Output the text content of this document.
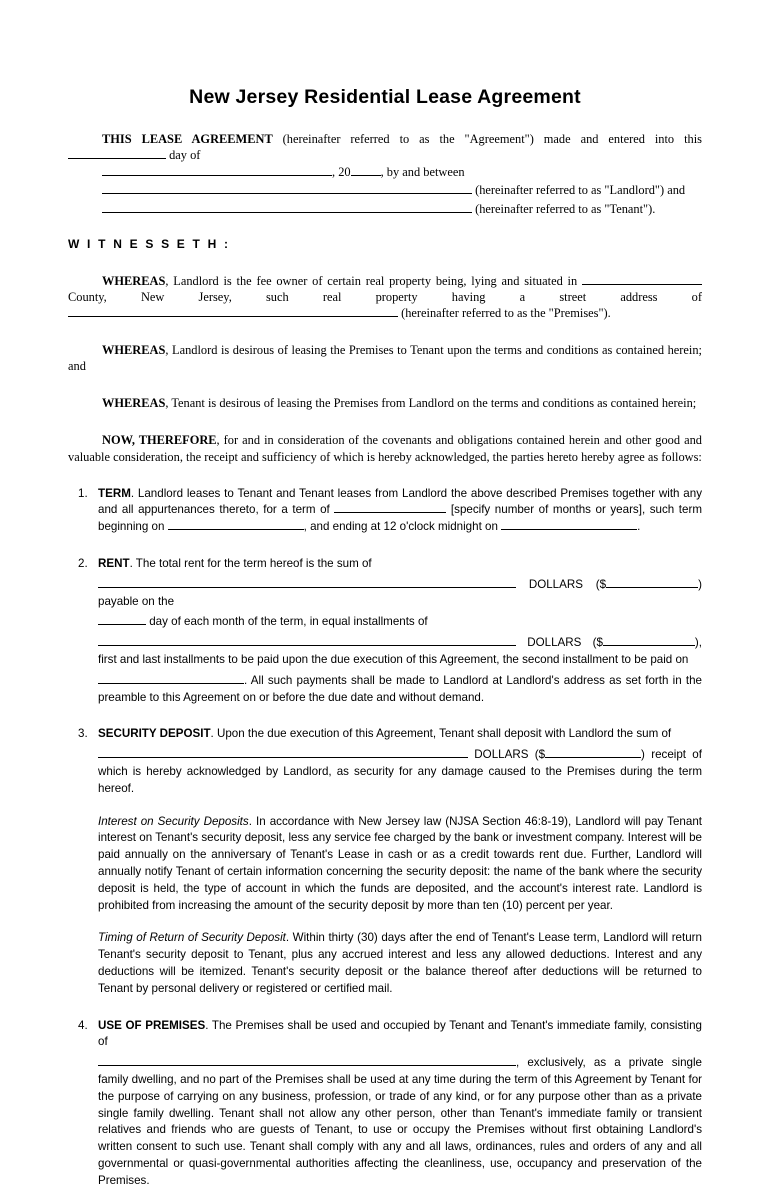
New Jersey Residential Lease Agreement
THIS LEASE AGREEMENT (hereinafter referred to as the "Agreement") made and entered into this  day of
, 20 , by and between
(hereinafter referred to as "Landlord") and
(hereinafter referred to as "Tenant").
W I T N E S S E T H :
WHEREAS, Landlord is the fee owner of certain real property being, lying and situated in  County, New Jersey, such real property having a street address of  (hereinafter referred to as the "Premises").
WHEREAS, Landlord is desirous of leasing the Premises to Tenant upon the terms and conditions as contained herein; and
WHEREAS, Tenant is desirous of leasing the Premises from Landlord on the terms and conditions as contained herein;
NOW, THEREFORE, for and in consideration of the covenants and obligations contained herein and other good and valuable consideration, the receipt and sufficiency of which is hereby acknowledged, the parties hereto hereby agree as follows:
1. TERM. Landlord leases to Tenant and Tenant leases from Landlord the above described Premises together with any and all appurtenances thereto, for a term of	[specify number of months or years], such term beginning on	, and ending at 12 o'clock midnight on	.
2. RENT. The total rent for the term hereof is the sum of
DOLLARS ($	) payable on the
day of each month of the term, in equal installments of
DOLLARS ($	), first and last installments to be paid upon the due execution of this Agreement, the second installment to be paid on
. All such payments shall be made to Landlord at Landlord's address as set forth in the preamble to this Agreement on or before the due date and without demand.
3. SECURITY DEPOSIT. Upon the due execution of this Agreement, Tenant shall deposit with Landlord the sum of
DOLLARS ($	) receipt of which is hereby acknowledged by Landlord, as security for any damage caused to the Premises during the term hereof.
Interest on Security Deposits. In accordance with New Jersey law (NJSA Section 46:8-19), Landlord will pay Tenant interest on Tenant's security deposit, less any service fee charged by the bank or investment company. Interest will be paid annually on the anniversary of Tenant's Lease in cash or as a credit towards rent due. Further, Landlord will annually notify Tenant of certain information concerning the security deposit: the name of the bank where the security deposit is held, the type of account in which the funds are deposited, and the account's interest rate. Landlord is prohibited from increasing the amount of the security deposit by more than ten (10) percent per year.
Timing of Return of Security Deposit. Within thirty (30) days after the end of Tenant's Lease term, Landlord will return Tenant's security deposit to Tenant, plus any accrued interest and less any allowed deductions. Interest and any deductions will be itemized. Tenant's security deposit or the balance thereof after deductions will be returned to Tenant by personal delivery or registered or certified mail.
4. USE OF PREMISES. The Premises shall be used and occupied by Tenant and Tenant's immediate family, consisting of
, exclusively, as a private single family dwelling, and no part of the Premises shall be used at any time during the term of this Agreement by Tenant for the purpose of carrying on any business, profession, or trade of any kind, or for any purpose other than as a private single family dwelling. Tenant shall not allow any other person, other than Tenant's immediate family or transient relatives and friends who are guests of Tenant, to use or occupy the Premises without first obtaining Landlord's written consent to such use. Tenant shall comply with any and all laws, ordinances, rules and orders of any and all governmental or quasi-governmental authorities affecting the cleanliness, use, occupancy and preservation of the Premises.
